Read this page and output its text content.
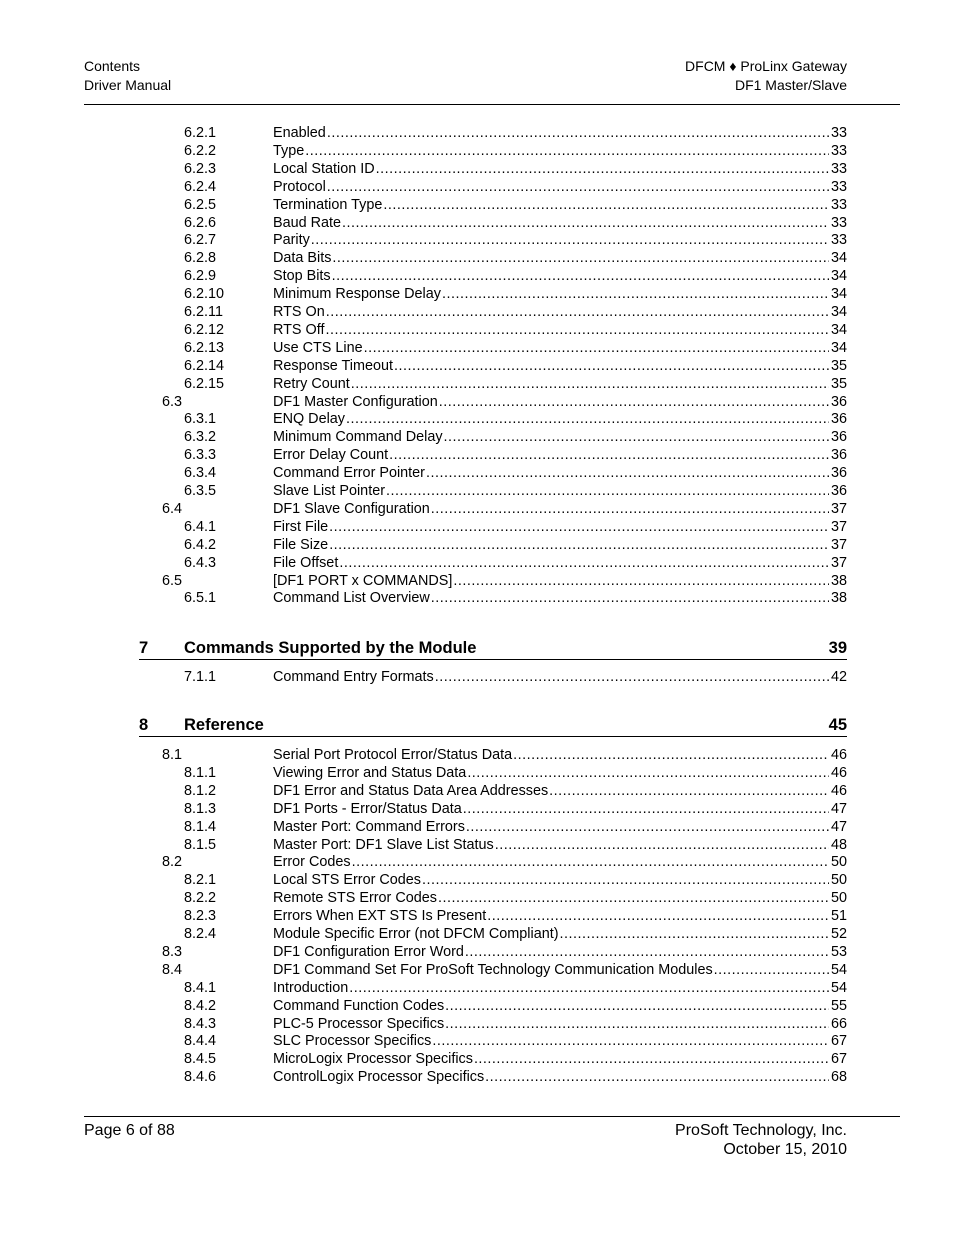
Contents
Driver Manual
DFCM ♦ ProLinx Gateway
DF1 Master/Slave
6.2.1	Enabled .....	33
6.2.2	Type .....	33
6.2.3	Local Station ID .....	33
6.2.4	Protocol .....	33
6.2.5	Termination Type .....	33
6.2.6	Baud Rate .....	33
6.2.7	Parity .....	33
6.2.8	Data Bits .....	34
6.2.9	Stop Bits .....	34
6.2.10	Minimum Response Delay .....	34
6.2.11	RTS On .....	34
6.2.12	RTS Off .....	34
6.2.13	Use CTS Line .....	34
6.2.14	Response Timeout .....	35
6.2.15	Retry Count .....	35
6.3	DF1 Master Configuration .....	36
6.3.1	ENQ Delay .....	36
6.3.2	Minimum Command Delay .....	36
6.3.3	Error Delay Count .....	36
6.3.4	Command Error Pointer .....	36
6.3.5	Slave List Pointer .....	36
6.4	DF1 Slave Configuration .....	37
6.4.1	First File .....	37
6.4.2	File Size .....	37
6.4.3	File Offset .....	37
6.5	[DF1 PORT x COMMANDS] .....	38
6.5.1	Command List Overview .....	38
7 Commands Supported by the Module	39
7.1.1	Command Entry Formats .....	42
8 Reference	45
8.1	Serial Port Protocol Error/Status Data .....	46
8.1.1	Viewing Error and Status Data .....	46
8.1.2	DF1 Error and Status Data Area Addresses .....	46
8.1.3	DF1 Ports - Error/Status Data .....	47
8.1.4	Master Port: Command Errors .....	47
8.1.5	Master Port: DF1 Slave List Status .....	48
8.2	Error Codes .....	50
8.2.1	Local STS Error Codes .....	50
8.2.2	Remote STS Error Codes .....	50
8.2.3	Errors When EXT STS Is Present .....	51
8.2.4	Module Specific Error (not DFCM Compliant) .....	52
8.3	DF1 Configuration Error Word .....	53
8.4	DF1 Command Set For ProSoft Technology Communication Modules .....	54
8.4.1	Introduction .....	54
8.4.2	Command Function Codes .....	55
8.4.3	PLC-5 Processor Specifics .....	66
8.4.4	SLC Processor Specifics .....	67
8.4.5	MicroLogix Processor Specifics .....	67
8.4.6	ControlLogix Processor Specifics .....	68
Page 6 of 88	ProSoft Technology, Inc.
October 15, 2010
